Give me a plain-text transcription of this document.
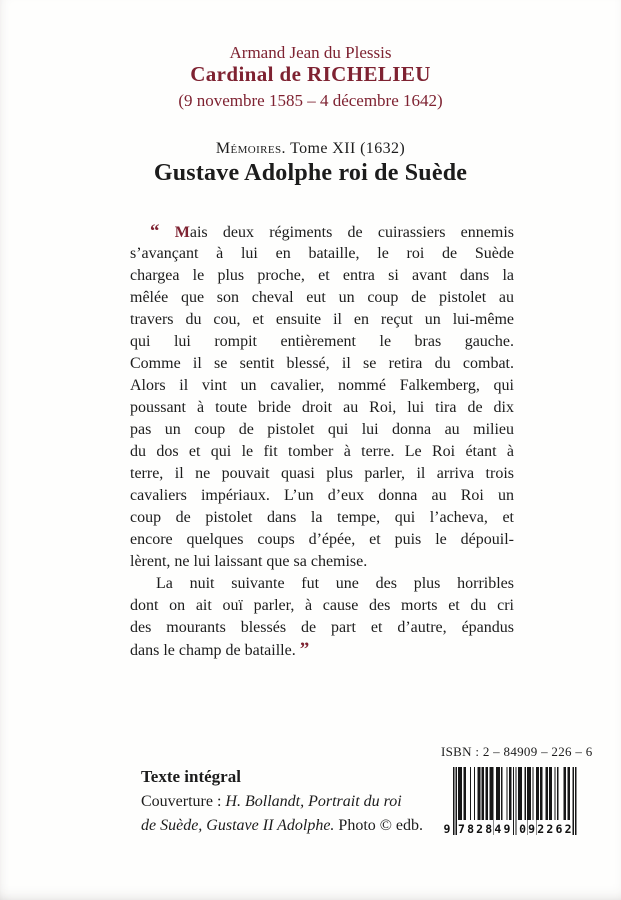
Armand Jean du Plessis
Cardinal de RICHELIEU
(9 novembre 1585 – 4 décembre 1642)
Mémoires. Tome XII (1632)
Gustave Adolphe roi de Suède
“ Mais deux régiments de cuirassiers ennemis
s’avançant à lui en bataille, le roi de Suède
chargea le plus proche, et entra si avant dans la
mêlée que son cheval eut un coup de pistolet au
travers du cou, et ensuite il en reçut un lui-même
qui lui rompit entièrement le bras gauche.
Comme il se sentit blessé, il se retira du combat.
Alors il vint un cavalier, nommé Falkemberg, qui
poussant à toute bride droit au Roi, lui tira de dix
pas un coup de pistolet qui lui donna au milieu
du dos et qui le fit tomber à terre. Le Roi étant à
terre, il ne pouvait quasi plus parler, il arriva trois
cavaliers impériaux. L’un d’eux donna au Roi un
coup de pistolet dans la tempe, qui l’acheva, et
encore quelques coups d’épée, et puis le dépouil-
lèrent, ne lui laissant que sa chemise.
La nuit suivante fut une des plus horribles
dont on ait ouï parler, à cause des morts et du cri
des mourants blessés de part et d’autre, épandus
dans le champ de bataille. ”
ISBN : 2 – 84909 – 226 – 6
Texte intégral
Couverture : H. Bollandt, Portrait du roi
de Suède, Gustave II Adolphe. Photo © edb. 9 7 8 2 8 4 9 0 9 2 2 6 2
